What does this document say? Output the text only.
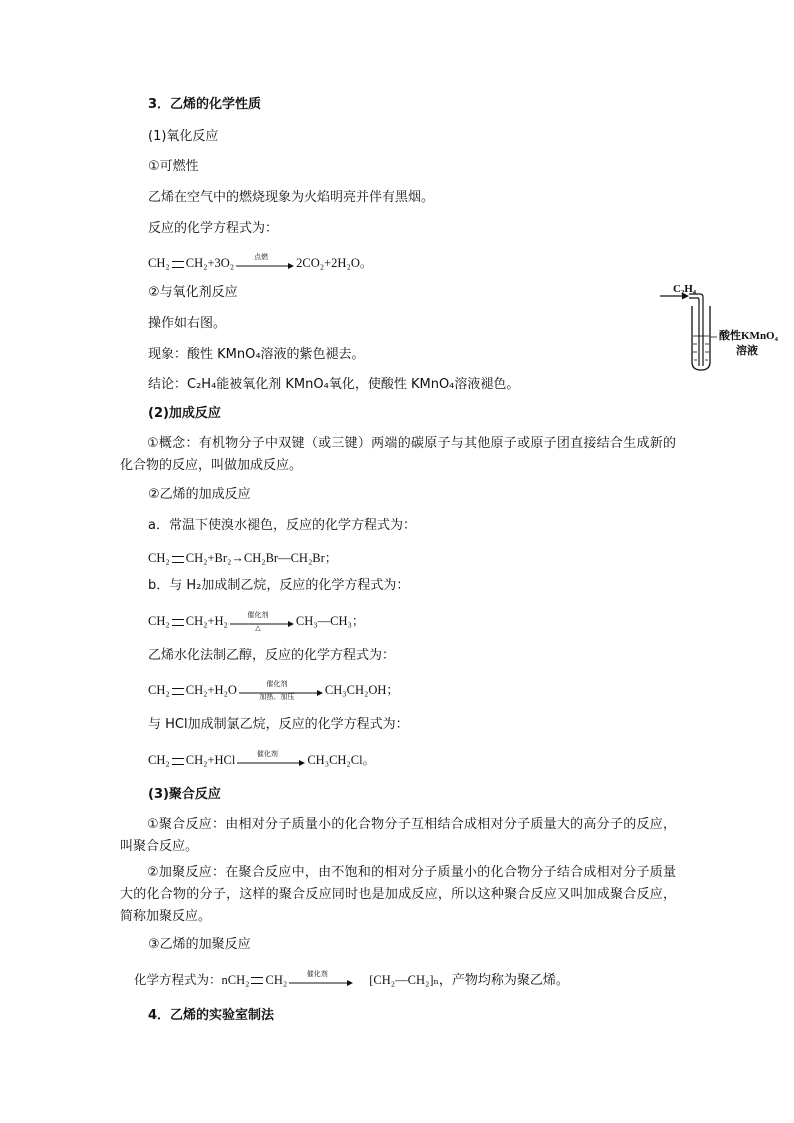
3．乙烯的化学性质
(1)氧化反应
①可燃性
乙烯在空气中的燃烧现象为火焰明亮并伴有黑烟。
反应的化学方程式为：
CH₂ CH₂+3O₂	点燃	2CO₂+2H₂O。
②与氧化剂反应
操作如右图。
现象：酸性 KMnO₄溶液的紫色褪去。
结论：C₂H₄能被氧化剂 KMnO₄氧化，使酸性 KMnO₄溶液褪色。
C₂H₄
酸性KMnO₄
溶液
(2)加成反应
①概念：有机物分子中双键（或三键）两端的碳原子与其他原子或原子团直接结合生成新的化合物的反应，叫做加成反应。
②乙烯的加成反应
a．常温下使溴水褪色，反应的化学方程式为：
CH₂ CH₂+Br₂→CH₂Br—CH₂Br；
b．与 H₂加成制乙烷，反应的化学方程式为：
CH₂ CH₂+H₂	催化剂
△
CH₃—CH₃；
乙烯水化法制乙醇，反应的化学方程式为：
CH₂ CH₂+H₂O	催化剂
加热、加压
CH₃CH₂OH；
与 HCl加成制氯乙烷，反应的化学方程式为：
CH₂ CH₂+HCl	催化剂	CH₃CH₂Cl。
(3)聚合反应
①聚合反应：由相对分子质量小的化合物分子互相结合成相对分子质量大的高分子的反应，叫聚合反应。
②加聚反应：在聚合反应中，由不饱和的相对分子质量小的化合物分子结合成相对分子质量大的化合物的分子，这样的聚合反应同时也是加成反应，所以这种聚合反应又叫加成聚合反应，简称加聚反应。
③乙烯的加聚反应
化学方程式为：nCH₂ CH₂	催化剂	[CH₂—CH₂]ₙ，产物均称为聚乙烯。
4．乙烯的实验室制法
